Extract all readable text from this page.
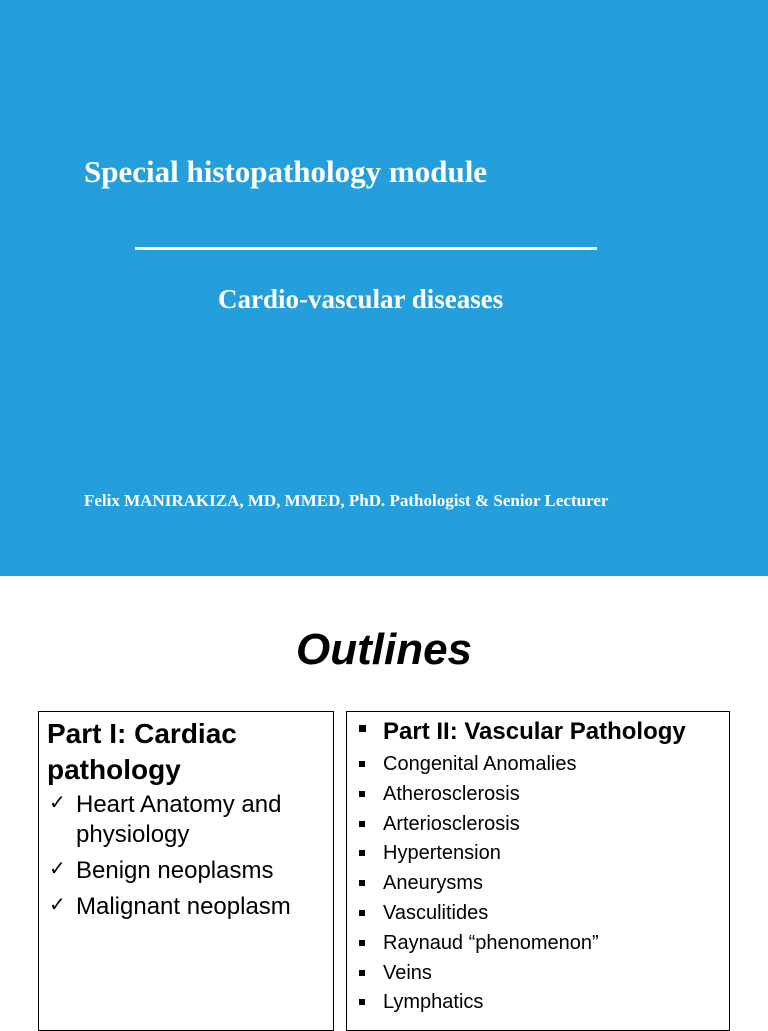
Special histopathology module
Cardio-vascular diseases
Felix MANIRAKIZA, MD, MMED, PhD. Pathologist & Senior Lecturer
Outlines
Part I: Cardiac pathology
✓ Heart Anatomy and physiology
✓ Benign neoplasms
✓ Malignant neoplasm
Part II: Vascular Pathology
Congenital Anomalies
Atherosclerosis
Arteriosclerosis
Hypertension
Aneurysms
Vasculitides
Raynaud “phenomenon”
Veins
Lymphatics
